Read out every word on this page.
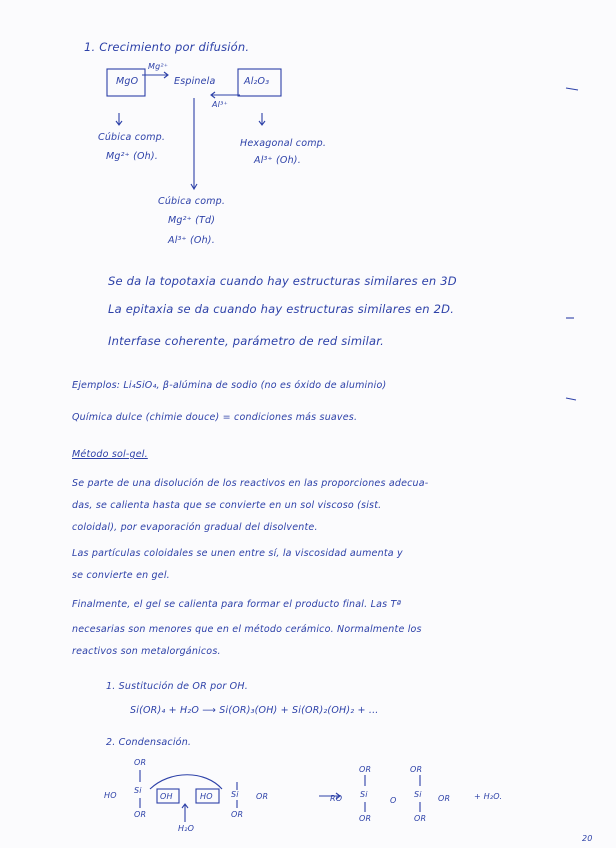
1. Crecimiento por difusión.
MgO	Al₂O₃
Mg²⁺
Espinela
Al³⁺
Cúbica comp.
Mg²⁺ (Oh).
Hexagonal comp.
Al³⁺ (Oh).
Cúbica comp.
Mg²⁺ (Td)
Al³⁺ (Oh).
Se da la topotaxia cuando hay estructuras similares en 3D
La epitaxia se da cuando hay estructuras similares en 2D.
Interfase coherente, parámetro de red similar.
Ejemplos: Li₄SiO₄, β-alúmina de sodio (no es óxido de aluminio)
Química dulce (chimie douce) = condiciones más suaves.
Método sol-gel.
Se parte de una disolución de los reactivos en las proporciones adecua-
das, se calienta hasta que se convierte en un sol viscoso (sist.
coloidal), por evaporación gradual del disolvente.
Las partículas coloidales se unen entre sí, la viscosidad aumenta y
se convierte en gel.
Finalmente, el gel se calienta para formar el producto final. Las Tª
necesarias son menores que en el método cerámico. Normalmente los
reactivos son metalorgánicos.
1. Sustitución de OR por OH.
Si(OR)₄ + H₂O ⟶ Si(OR)₃(OH) + Si(OR)₂(OH)₂ + ...
2. Condensación.
OR
HO
Si
OH
OR
HO Si OR
OR
H₂O
OR	OR
RO Si
O
Si OR
OR	OR
+ H₂O.
20
